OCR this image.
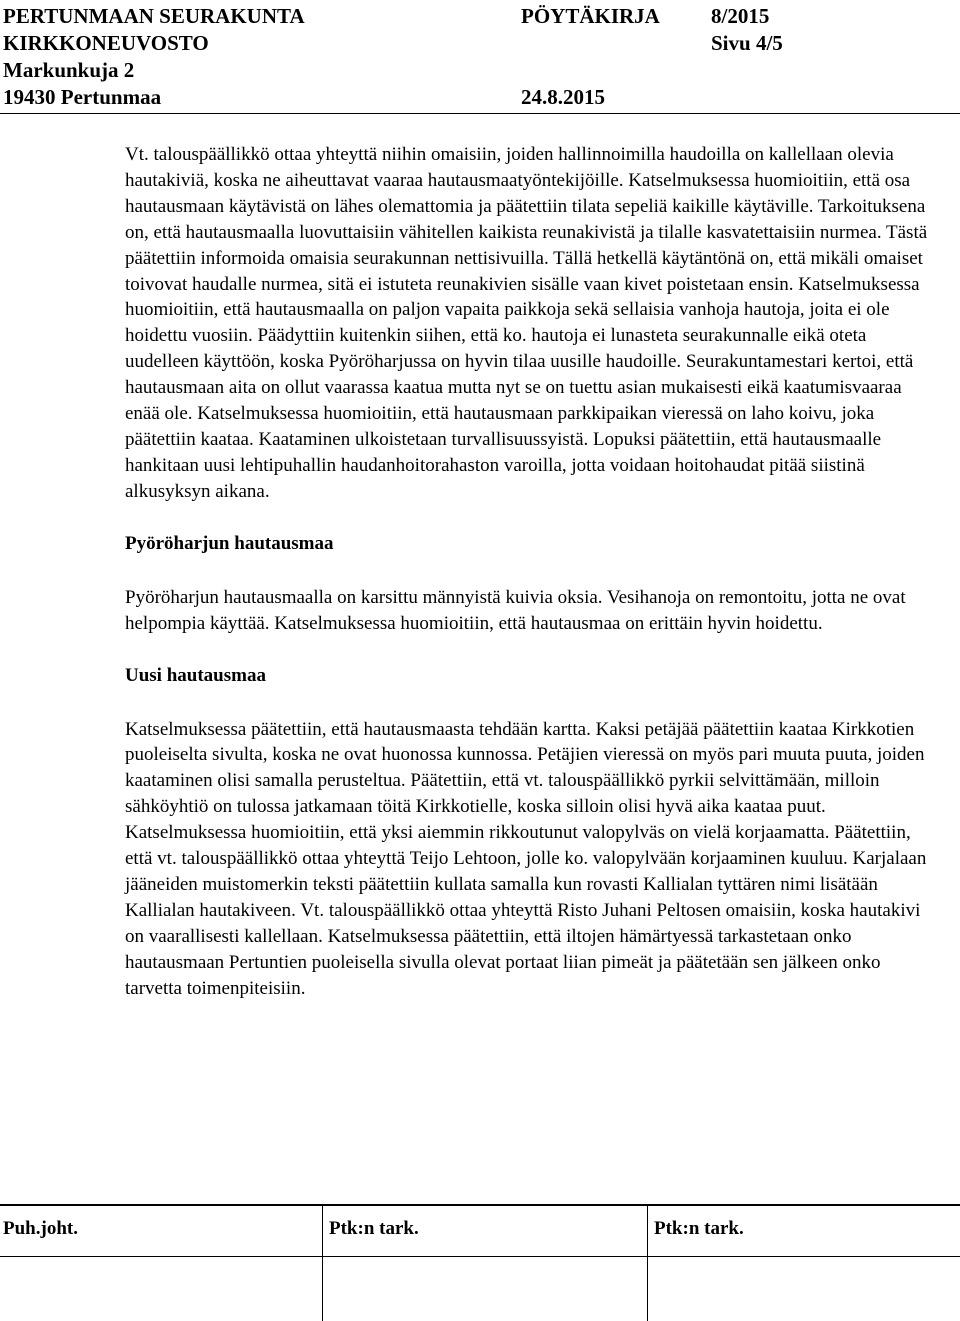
PERTUNMAAN SEURAKUNTA	PÖYTÄKIRJA 8/2015
KIRKKONEUVOSTO	Sivu 4/5
Markunkuja 2
19430 Pertunmaa	24.8.2015

Vt. talouspäällikkö ottaa yhteyttä niihin omaisiin, joiden hallinnoimilla haudoilla on kallellaan olevia hautakiviä, koska ne aiheuttavat vaaraa hautausmaatyöntekijöille. Katselmuksessa huomioitiin, että osa hautausmaan käytävistä on lähes olemattomia ja päätettiin tilata sepeliä kaikille käytäville. Tarkoituksena on, että hautausmaalla luovuttaisiin vähitellen kaikista reunakivistä ja tilalle kasvatettaisiin nurmea. Tästä päätettiin informoida omaisia seurakunnan nettisivuilla. Tällä hetkellä käytäntönä on, että mikäli omaiset toivovat haudalle nurmea, sitä ei istuteta reunakivien sisälle vaan kivet poistetaan ensin. Katselmuksessa huomioitiin, että hautausmaalla on paljon vapaita paikkoja sekä sellaisia vanhoja hautoja, joita ei ole hoidettu vuosiin. Päädyttiin kuitenkin siihen, että ko. hautoja ei lunasteta seurakunnalle eikä oteta uudelleen käyttöön, koska Pyöröharjussa on hyvin tilaa uusille haudoille. Seurakuntamestari kertoi, että hautausmaan aita on ollut vaarassa kaatua mutta nyt se on tuettu asian mukaisesti eikä kaatumisvaaraa enää ole. Katselmuksessa huomioitiin, että hautausmaan parkkipaikan vieressä on laho koivu, joka päätettiin kaataa. Kaataminen ulkoistetaan turvallisuussyistä. Lopuksi päätettiin, että hautausmaalle hankitaan uusi lehtipuhallin haudanhoitorahaston varoilla, jotta voidaan hoitohaudat pitää siistinä alkusyksyn aikana.

Pyöröharjun hautausmaa

Pyöröharjun hautausmaalla on karsittu männyistä kuivia oksia. Vesihanoja on remontoitu, jotta ne ovat helpompia käyttää. Katselmuksessa huomioitiin, että hautausmaa on erittäin hyvin hoidettu.

Uusi hautausmaa

Katselmuksessa päätettiin, että hautausmaasta tehdään kartta. Kaksi petäjää päätettiin kaataa Kirkkotien puoleiselta sivulta, koska ne ovat huonossa kunnossa. Petäjien vieressä on myös pari muuta puuta, joiden kaataminen olisi samalla perusteltua. Päätettiin, että vt. talouspäällikkö pyrkii selvittämään, milloin sähköyhtiö on tulossa jatkamaan töitä Kirkkotielle, koska silloin olisi hyvä aika kaataa puut. Katselmuksessa huomioitiin, että yksi aiemmin rikkoutunut valopylväs on vielä korjaamatta. Päätettiin, että vt. talouspäällikkö ottaa yhteyttä Teijo Lehtoon, jolle ko. valopylvään korjaaminen kuuluu. Karjalaan jääneiden muistomerkin teksti päätettiin kullata samalla kun rovasti Kallialan tyttären nimi lisätään Kallialan hautakiveen. Vt. talouspäällikkö ottaa yhteyttä Risto Juhani Peltosen omaisiin, koska hautakivi on vaarallisesti kallellaan. Katselmuksessa päätettiin, että iltojen hämärtyessä tarkastetaan onko hautausmaan Pertuntien puoleisella sivulla olevat portaat liian pimeät ja päätetään sen jälkeen onko tarvetta toimenpiteisiin.

Puh.joht.	Ptk:n tark.	Ptk:n tark.
